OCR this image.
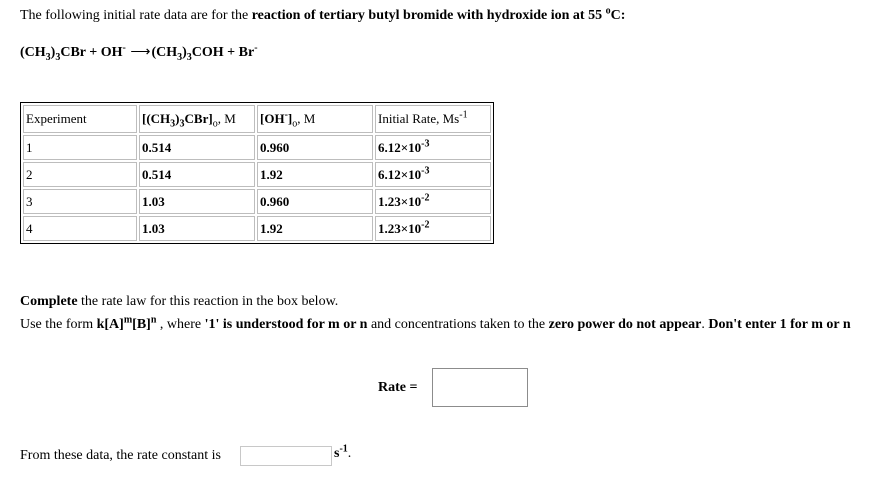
The following initial rate data are for the reaction of tertiary butyl bromide with hydroxide ion at 55 $^o$C:
$(CH_3)_3CBr + OH^-$ $⟶(CH_3)_3COH + Br^-$
Experiment	$[(CH_3)_3CBr]_o$, M	$[OH^-]_o$, M	Initial Rate, $Ms^{-1}$
1	0.514	0.960	$6.12\times 10^{-3}$
2	0.514	1.92	$6.12\times 10^{-3}$
3	1.03	0.960	$1.23\times 10^{-2}$
4	1.03	1.92	$1.23\times 10^{-2}$
Complete the rate law for this reaction in the box below.
Use the form $k[A]^m[B]^n$ , where '1' is understood for m or n and concentrations taken to the zero power do not appear. Don't enter 1 for m or n
Rate =
From these data, the rate constant is	$s^{-1}$.
